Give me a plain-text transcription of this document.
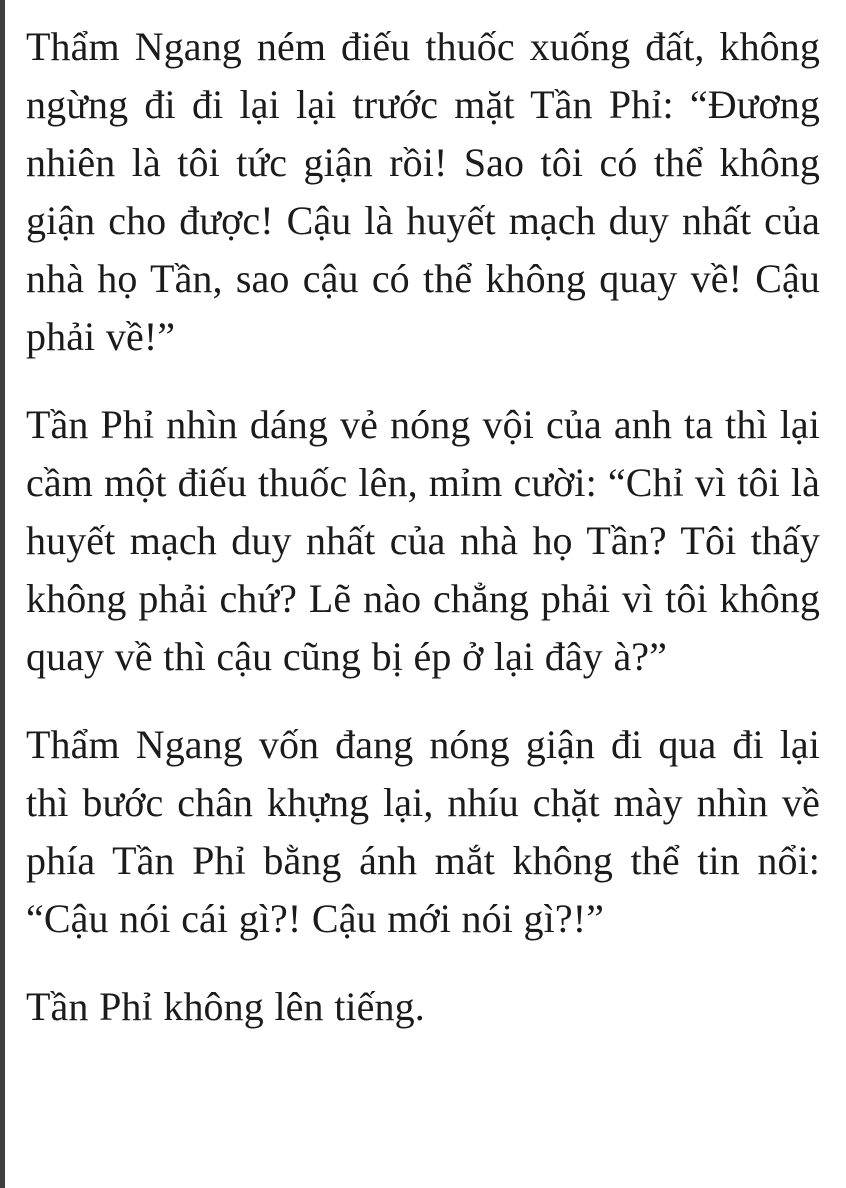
Thẩm Ngang ném điếu thuốc xuống đất, không ngừng đi đi lại lại trước mặt Tần Phỉ: “Đương nhiên là tôi tức giận rồi! Sao tôi có thể không giận cho được! Cậu là huyết mạch duy nhất của nhà họ Tần, sao cậu có thể không quay về! Cậu phải về!”

Tần Phỉ nhìn dáng vẻ nóng vội của anh ta thì lại cầm một điếu thuốc lên, mỉm cười: “Chỉ vì tôi là huyết mạch duy nhất của nhà họ Tần? Tôi thấy không phải chứ? Lẽ nào chẳng phải vì tôi không quay về thì cậu cũng bị ép ở lại đây à?”

Thẩm Ngang vốn đang nóng giận đi qua đi lại thì bước chân khựng lại, nhíu chặt mày nhìn về phía Tần Phỉ bằng ánh mắt không thể tin nổi: “Cậu nói cái gì?! Cậu mới nói gì?!”

Tần Phỉ không lên tiếng.
